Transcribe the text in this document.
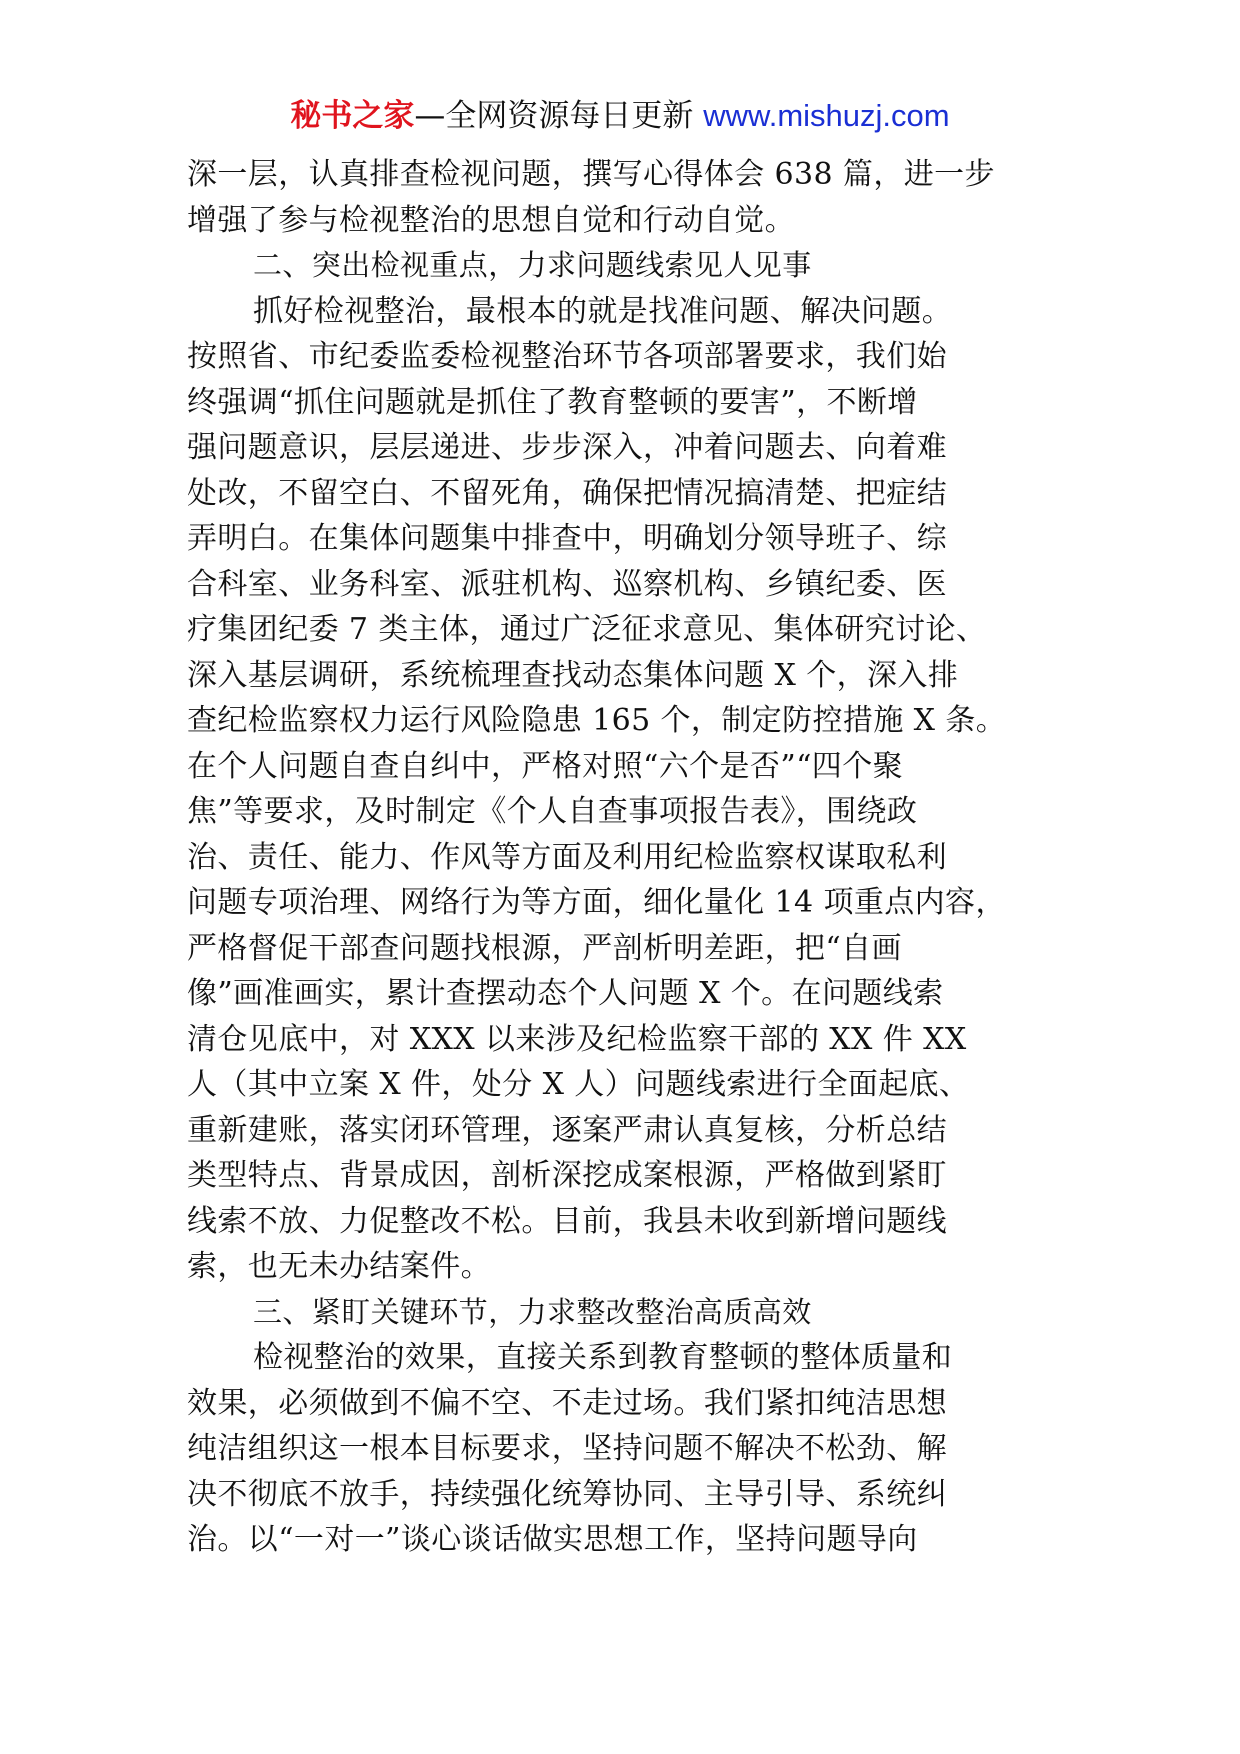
秘书之家—全网资源每日更新 www.mishuzj.com
深一层，认真排查检视问题，撰写心得体会 638 篇，进一步
增强了参与检视整治的思想自觉和行动自觉。
二、突出检视重点，力求问题线索见人见事
抓好检视整治，最根本的就是找准问题、解决问题。
按照省、市纪委监委检视整治环节各项部署要求，我们始
终强调“抓住问题就是抓住了教育整顿的要害”，不断增
强问题意识，层层递进、步步深入，冲着问题去、向着难
处改，不留空白、不留死角，确保把情况搞清楚、把症结
弄明白。在集体问题集中排查中，明确划分领导班子、综
合科室、业务科室、派驻机构、巡察机构、乡镇纪委、医
疗集团纪委 7 类主体，通过广泛征求意见、集体研究讨论、
深入基层调研，系统梳理查找动态集体问题 X 个，深入排
查纪检监察权力运行风险隐患 165 个，制定防控措施 X 条。
在个人问题自查自纠中，严格对照“六个是否”“四个聚
焦”等要求，及时制定《个人自查事项报告表》，围绕政
治、责任、能力、作风等方面及利用纪检监察权谋取私利
问题专项治理、网络行为等方面，细化量化 14 项重点内容，
严格督促干部查问题找根源，严剖析明差距，把“自画
像”画准画实，累计查摆动态个人问题 X 个。在问题线索
清仓见底中，对 XXX 以来涉及纪检监察干部的 XX 件 XX
人（其中立案 X 件，处分 X 人）问题线索进行全面起底、
重新建账，落实闭环管理，逐案严肃认真复核，分析总结
类型特点、背景成因，剖析深挖成案根源，严格做到紧盯
线索不放、力促整改不松。目前，我县未收到新增问题线
索，也无未办结案件。
三、紧盯关键环节，力求整改整治高质高效
检视整治的效果，直接关系到教育整顿的整体质量和
效果，必须做到不偏不空、不走过场。我们紧扣纯洁思想
纯洁组织这一根本目标要求，坚持问题不解决不松劲、解
决不彻底不放手，持续强化统筹协同、主导引导、系统纠
治。以“一对一”谈心谈话做实思想工作，坚持问题导向
